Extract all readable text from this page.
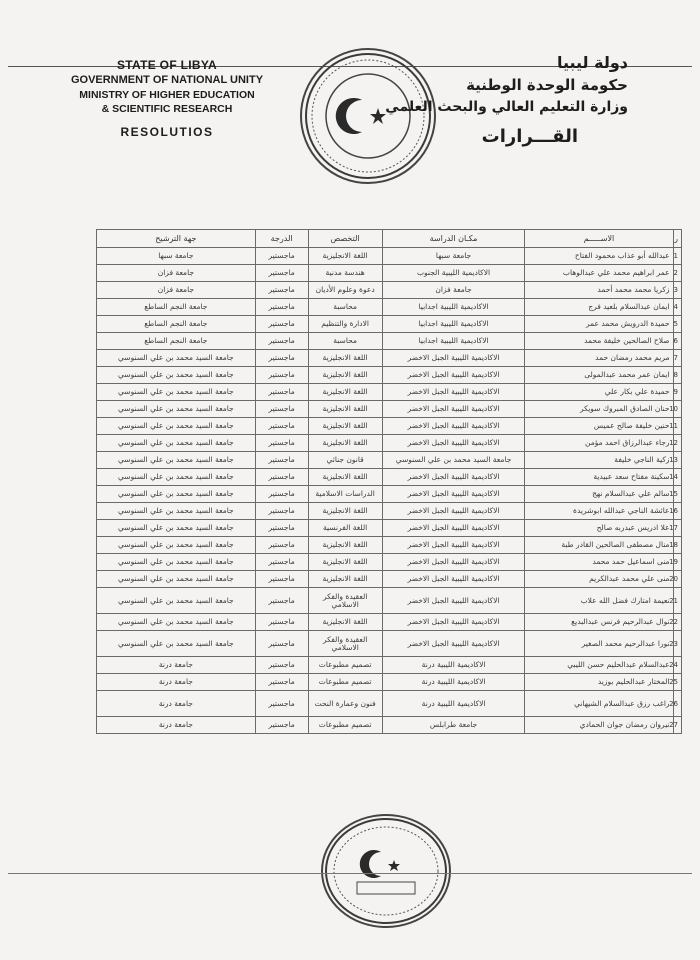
STATE OF LIBYA
GOVERNMENT OF NATIONAL UNITY
MINISTRY OF HIGHER EDUCATION
& SCIENTIFIC RESEARCH
RESOLUTIOS
دولة ليبيا
حكومة الوحدة الوطنية
وزارة التعليم العالي والبحث العلمي
القـــرارات
ر	الاســـــم	مكـان الدراسة	التخصص	الدرجة	جهة الترشيح
1	عبدالله أبو عذاب محمود الفتاح	جامعة سبها	اللغة الانجليزية	ماجستير	جامعة سبها
2	عمر ابراهيم محمد علي عبدالوهاب	الاكاديمية الليبية الجنوب	هندسة مدنية	ماجستير	جامعة فزان
3	زكريا محمد محمد أحمد	جامعة فزان	دعوة وعلوم الأديان	ماجستير	جامعة فزان
4	ايمان عبدالسلام بلعيد فرج	الاكاديمية الليبية اجدابيا	محاسبة	ماجستير	جامعة النجم الساطع
5	حميدة الدرويش محمد عمر	الاكاديمية الليبية اجدابيا	الادارة والتنظيم	ماجستير	جامعة النجم الساطع
6	صلاح الصالحين خليفة محمد	الاكاديمية الليبية اجدابيا	محاسبة	ماجستير	جامعة النجم الساطع
7	مريم محمد رمضان حمد	الاكاديمية الليبية الجبل الاخضر	اللغة الانجليزية	ماجستير	جامعة السيد محمد بن علي السنوسي
8	ايمان عمر محمد عبدالمولى	الاكاديمية الليبية الجبل الاخضر	اللغة الانجليزية	ماجستير	جامعة السيد محمد بن علي السنوسي
9	حميدة علي بكار علي	الاكاديمية الليبية الجبل الاخضر	اللغة الانجليزية	ماجستير	جامعة السيد محمد بن علي السنوسي
10	حنان الصادق المبروك سويكر	الاكاديمية الليبية الجبل الاخضر	اللغة الانجليزية	ماجستير	جامعة السيد محمد بن علي السنوسي
11	حنين خليفة صالح عميس	الاكاديمية الليبية الجبل الاخضر	اللغة الانجليزية	ماجستير	جامعة السيد محمد بن علي السنوسي
12	رجاء عبدالرزاق احمد مؤمن	الاكاديمية الليبية الجبل الاخضر	اللغة الانجليزية	ماجستير	جامعة السيد محمد بن علي السنوسي
13	زكية الناجي خليفة	جامعة السيد محمد بن علي السنوسي	قانون جنائي	ماجستير	جامعة السيد محمد بن علي السنوسي
14	سكينة مفتاح سعد عبيدية	الاكاديمية الليبية الجبل الاخضر	اللغة الانجليزية	ماجستير	جامعة السيد محمد بن علي السنوسي
15	سالم علي عبدالسلام نهج	الاكاديمية الليبية الجبل الاخضر	الدراسات الاسلامية	ماجستير	جامعة السيد محمد بن علي السنوسي
16	عائشة الناجي عبدالله ابوشريدة	الاكاديمية الليبية الجبل الاخضر	اللغة الانجليزية	ماجستير	جامعة السيد محمد بن علي السنوسي
17	علا ادريس عبدربه صالح	الاكاديمية الليبية الجبل الاخضر	اللغة الفرنسية	ماجستير	جامعة السيد محمد بن علي السنوسي
18	منال مصطفى الصالحين القادر طبة	الاكاديمية الليبية الجبل الاخضر	اللغة الانجليزية	ماجستير	جامعة السيد محمد بن علي السنوسي
19	منى اسماعيل حمد محمد	الاكاديمية الليبية الجبل الاخضر	اللغة الانجليزية	ماجستير	جامعة السيد محمد بن علي السنوسي
20	منى علي محمد عبدالكريم	الاكاديمية الليبية الجبل الاخضر	اللغة الانجليزية	ماجستير	جامعة السيد محمد بن علي السنوسي
21	نعيمة امتارك فضل الله علاب	الاكاديمية الليبية الجبل الاخضر	العقيدة والفكر الاسلامي	ماجستير	جامعة السيد محمد بن علي السنوسي
22	نوال عبدالرحيم فرنس عبدالبديع	الاكاديمية الليبية الجبل الاخضر	اللغة الانجليزية	ماجستير	جامعة السيد محمد بن علي السنوسي
23	نورا عبدالرحيم محمد الصغير	الاكاديمية الليبية الجبل الاخضر	العقيدة والفكر الاسلامي	ماجستير	جامعة السيد محمد بن علي السنوسي
24	عبدالسلام عبدالحليم حسن الليبي	الاكاديمية الليبية درنة	تصميم مطبوعات	ماجستير	جامعة درنة
25	المختار عبدالحليم بوزيد	الاكاديمية الليبية درنة	تصميم مطبوعات	ماجستير	جامعة درنة
26	راغب رزق عبدالسلام الشيهاني	الاكاديمية الليبية درنة	فنون وعمارة النحت	ماجستير	جامعة درنة
27	نيروان رمضان جوان الحمادي	جامعة طرابلس	تصميم مطبوعات	ماجستير	جامعة درنة
